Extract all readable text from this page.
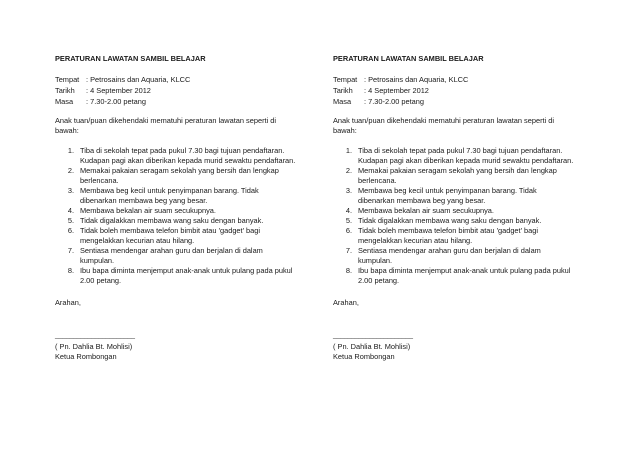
PERATURAN LAWATAN SAMBIL BELAJAR
Tempat : Petrosains dan Aquaria, KLCC
Tarikh	: 4 September 2012
Masa	: 7.30-2.00 petang
Anak tuan/puan dikehendaki mematuhi peraturan lawatan seperti di
bawah:
1. Tiba di sekolah tepat pada pukul 7.30 bagi tujuan pendaftaran.
Kudapan pagi akan diberikan kepada murid sewaktu pendaftaran.
2. Memakai pakaian seragam sekolah yang bersih dan lengkap
berlencana.
3. Membawa beg kecil untuk penyimpanan barang. Tidak
dibenarkan membawa beg yang besar.
4. Membawa bekalan air suam secukupnya.
5. Tidak digalakkan membawa wang saku dengan banyak.
6. Tidak boleh membawa telefon bimbit atau 'gadget' bagi
mengelakkan kecurian atau hilang.
7. Sentiasa mendengar arahan guru dan berjalan di dalam
kumpulan.
8. Ibu bapa diminta menjemput anak-anak untuk pulang pada pukul
2.00 petang.
Arahan,
______________________
( Pn. Dahlia Bt. Mohlisi)
Ketua Rombongan
PERATURAN LAWATAN SAMBIL BELAJAR
Tempat : Petrosains dan Aquaria, KLCC
Tarikh	: 4 September 2012
Masa	: 7.30-2.00 petang
Anak tuan/puan dikehendaki mematuhi peraturan lawatan seperti di
bawah:
1. Tiba di sekolah tepat pada pukul 7.30 bagi tujuan pendaftaran.
Kudapan pagi akan diberikan kepada murid sewaktu pendaftaran.
2. Memakai pakaian seragam sekolah yang bersih dan lengkap
berlencana.
3. Membawa beg kecil untuk penyimpanan barang. Tidak
dibenarkan membawa beg yang besar.
4. Membawa bekalan air suam secukupnya.
5. Tidak digalakkan membawa wang saku dengan banyak.
6. Tidak boleh membawa telefon bimbit atau 'gadget' bagi
mengelakkan kecurian atau hilang.
7. Sentiasa mendengar arahan guru dan berjalan di dalam
kumpulan.
8. Ibu bapa diminta menjemput anak-anak untuk pulang pada pukul
2.00 petang.
Arahan,
______________________
( Pn. Dahlia Bt. Mohlisi)
Ketua Rombongan
